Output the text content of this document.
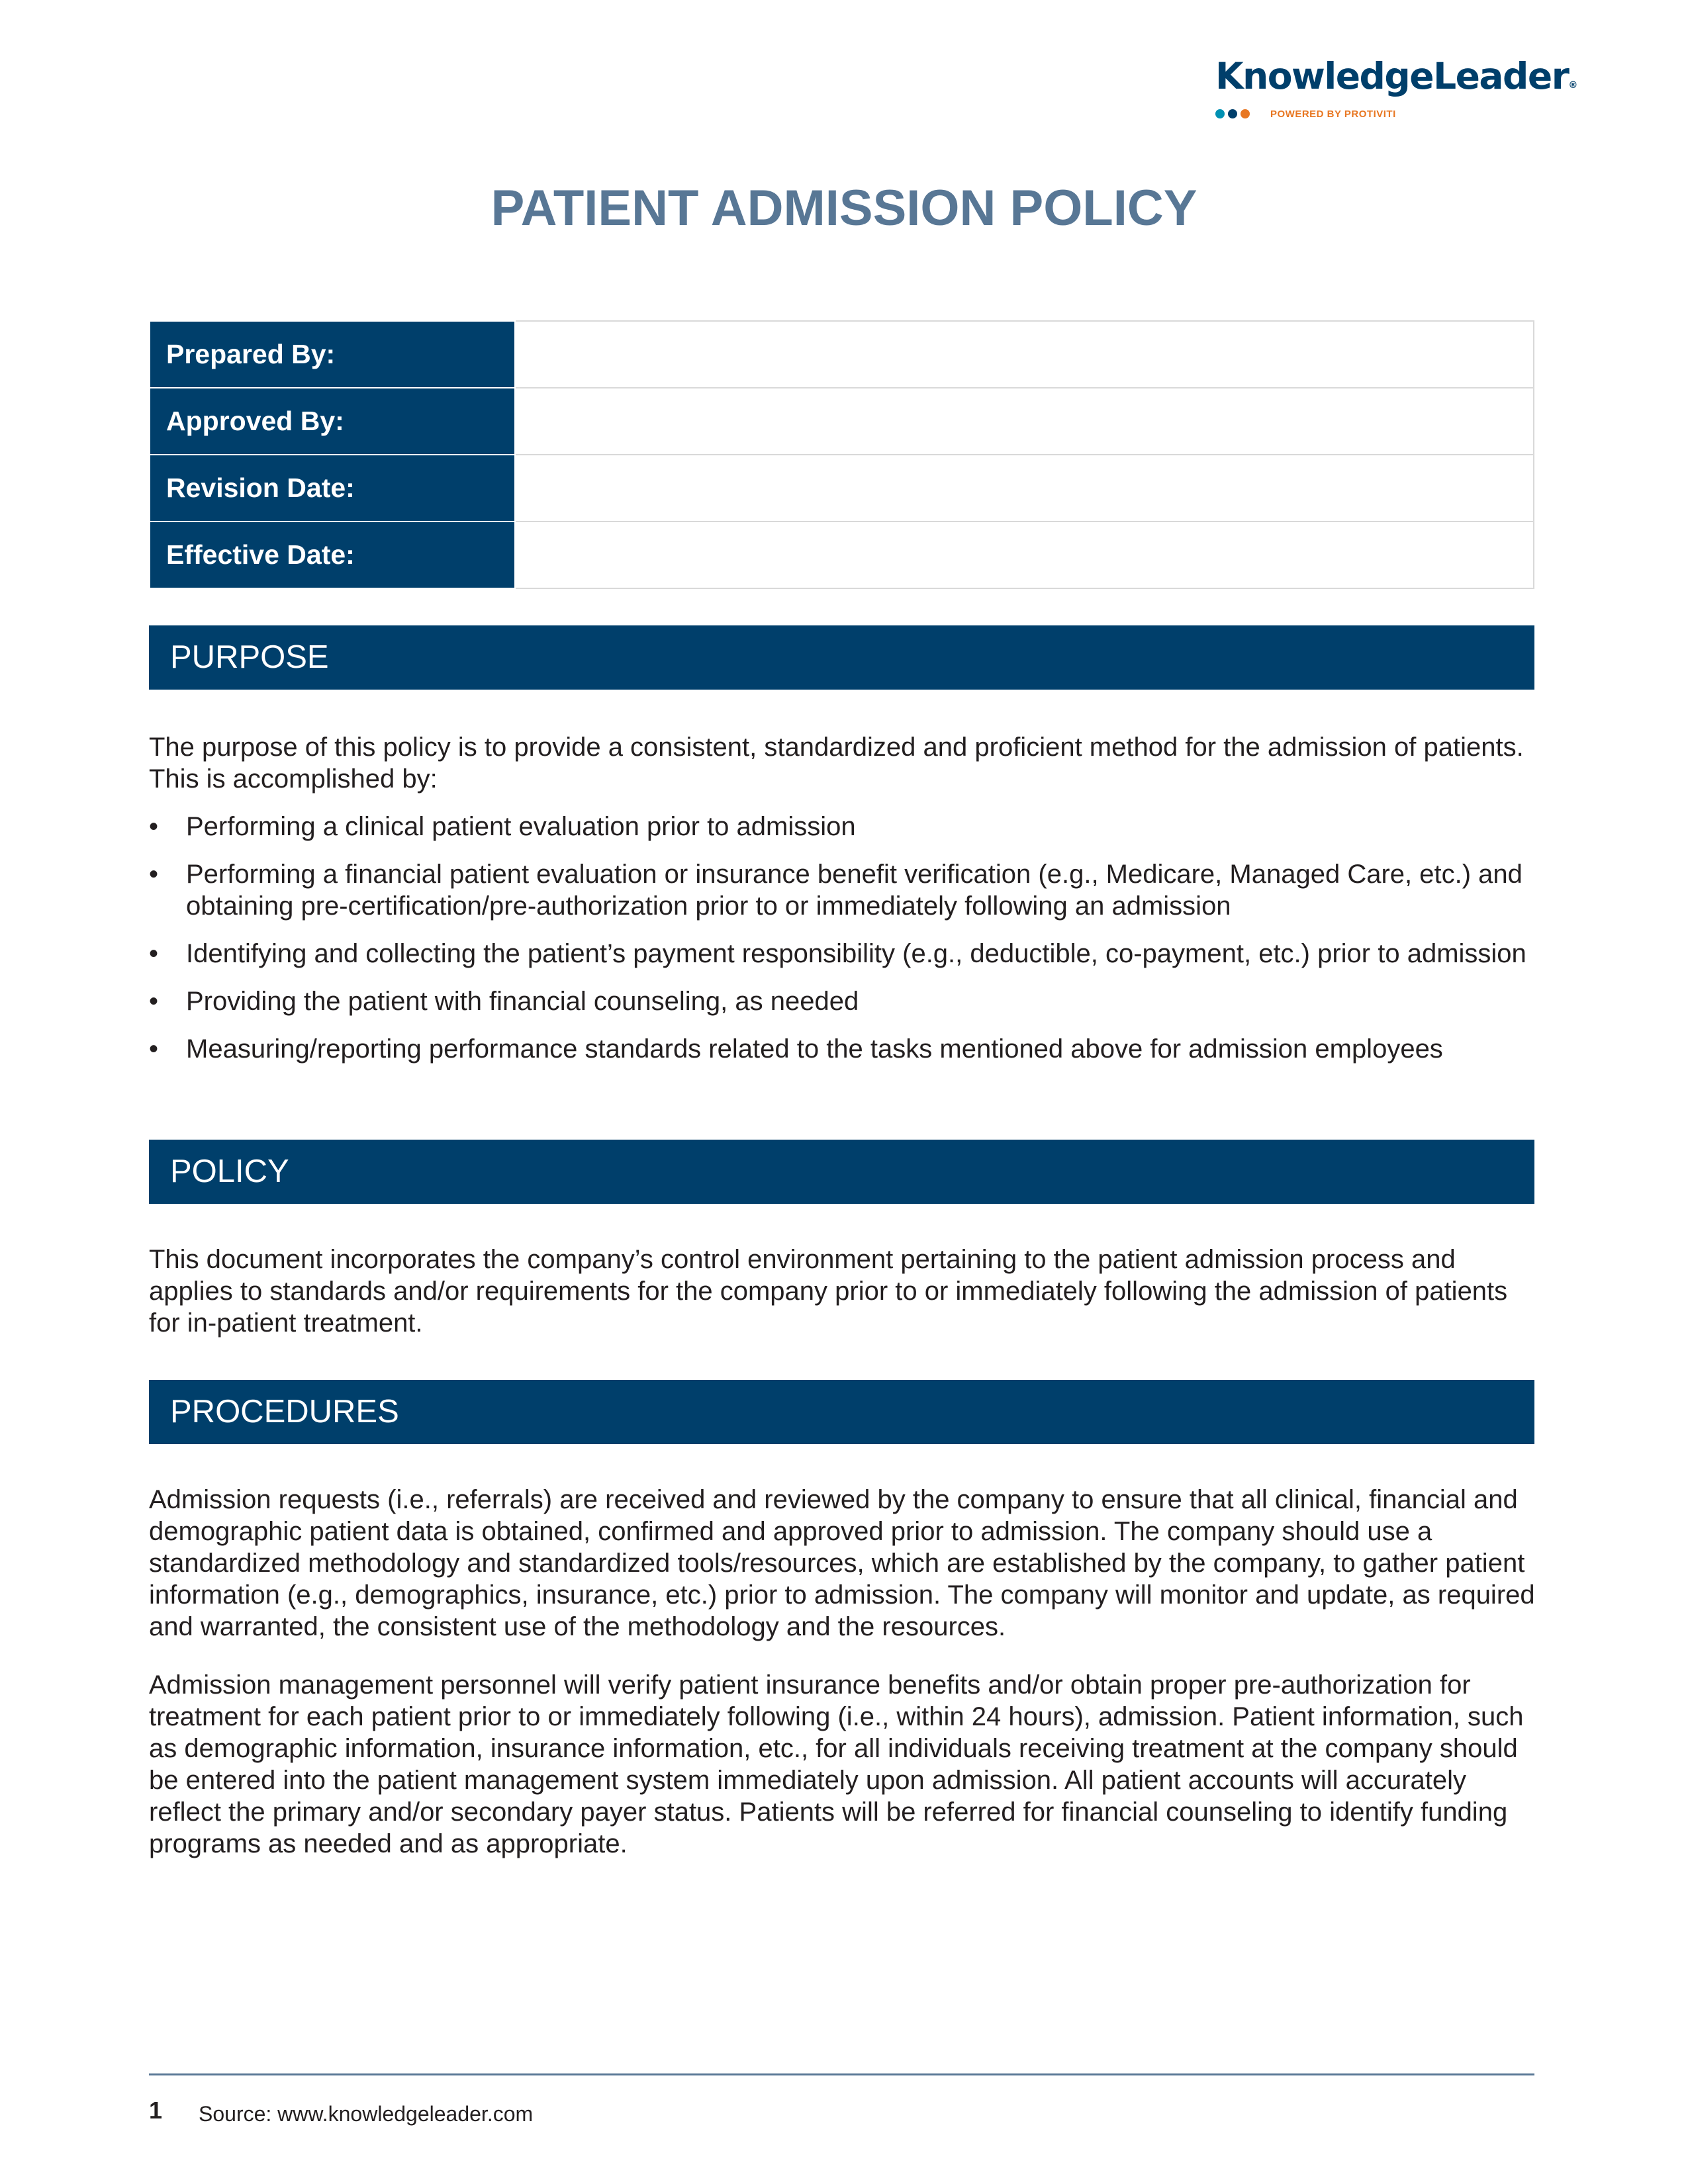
KnowledgeLeader®
POWERED BY PROTIVITI
PATIENT ADMISSION POLICY
Prepared By:	
Approved By:	
Revision Date:	
Effective Date:	
PURPOSE

The purpose of this policy is to provide a consistent, standardized and proficient method for the admission of patients. This is accomplished by:

• Performing a clinical patient evaluation prior to admission
• Performing a financial patient evaluation or insurance benefit verification (e.g., Medicare, Managed Care, etc.) and obtaining pre-certification/pre-authorization prior to or immediately following an admission
• Identifying and collecting the patient’s payment responsibility (e.g., deductible, co-payment, etc.) prior to admission
• Providing the patient with financial counseling, as needed
• Measuring/reporting performance standards related to the tasks mentioned above for admission employees
POLICY

This document incorporates the company’s control environment pertaining to the patient admission process and applies to standards and/or requirements for the company prior to or immediately following the admission of patients for in-patient treatment.

PROCEDURES

Admission requests (i.e., referrals) are received and reviewed by the company to ensure that all clinical, financial and demographic patient data is obtained, confirmed and approved prior to admission. The company should use a standardized methodology and standardized tools/resources, which are established by the company, to gather patient information (e.g., demographics, insurance, etc.) prior to admission. The company will monitor and update, as required and warranted, the consistent use of the methodology and the resources.

Admission management personnel will verify patient insurance benefits and/or obtain proper pre-authorization for treatment for each patient prior to or immediately following (i.e., within 24 hours), admission. Patient information, such as demographic information, insurance information, etc., for all individuals receiving treatment at the company should be entered into the patient management system immediately upon admission. All patient accounts will accurately reflect the primary and/or secondary payer status. Patients will be referred for financial counseling to identify funding programs as needed and as appropriate.

1 Source: www.knowledgeleader.com
